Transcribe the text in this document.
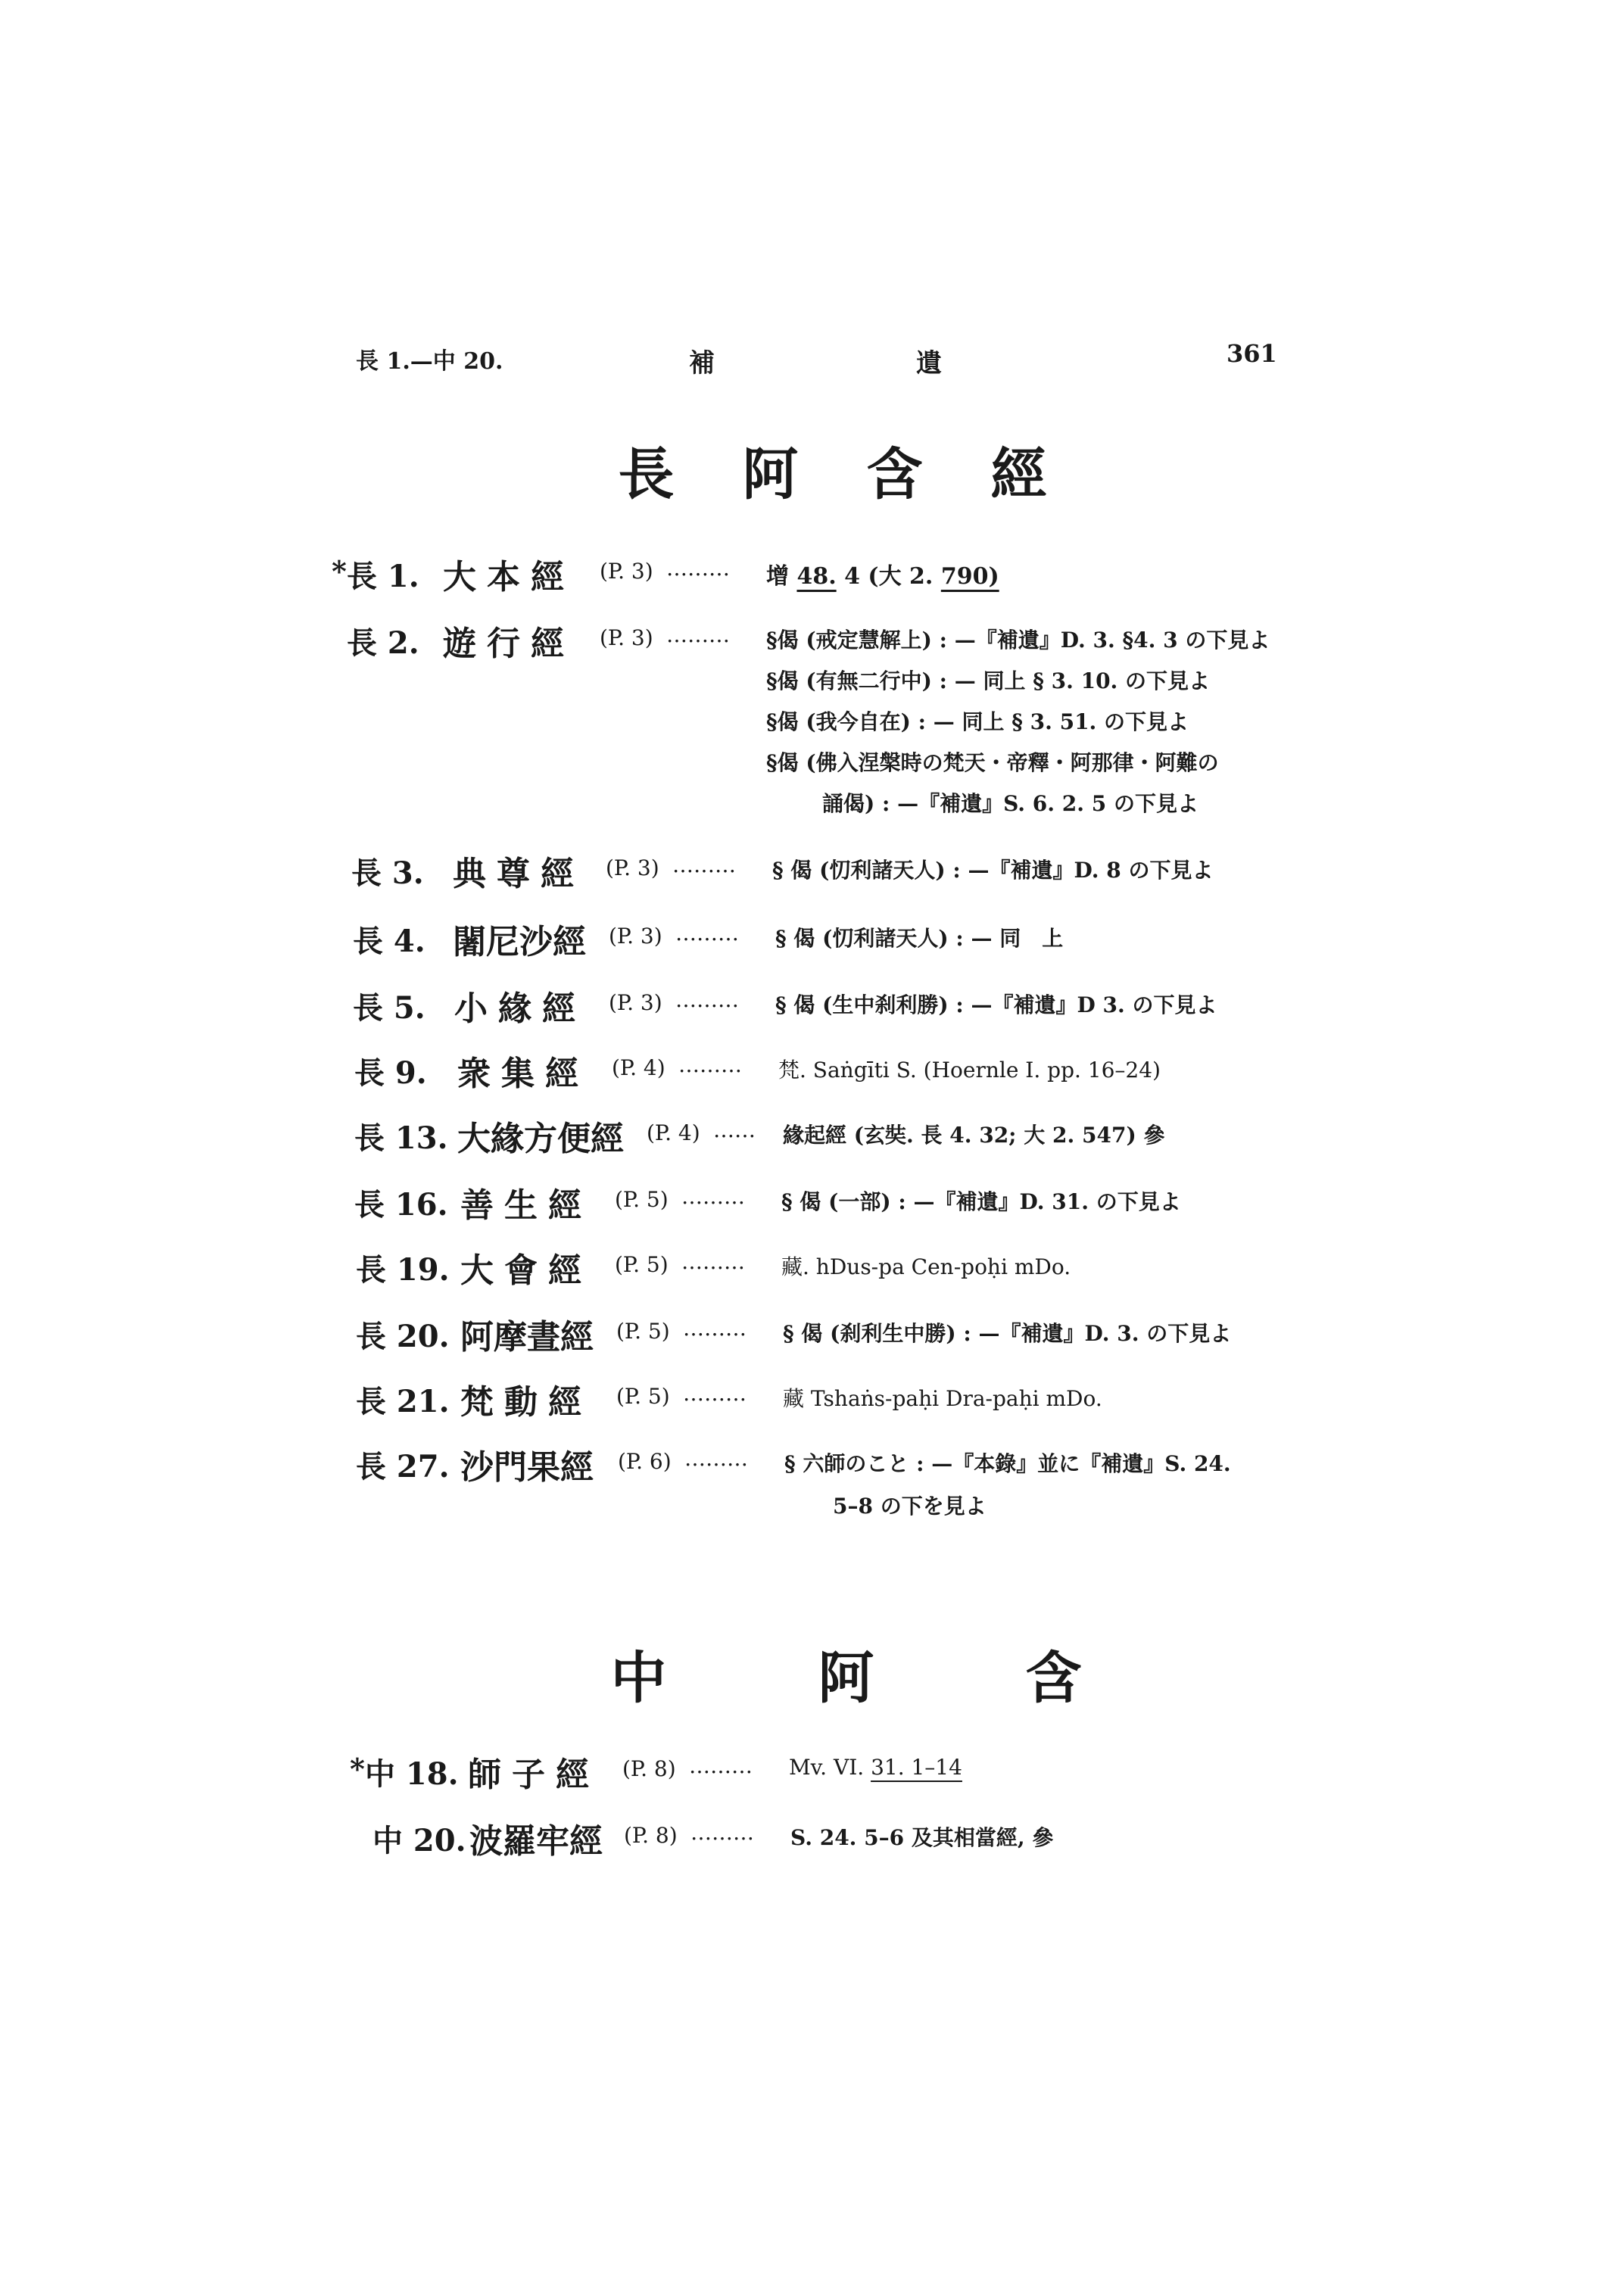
長 1.—中 20.	補	遺	361
長阿含經
* 長 1. 大本經 (P. 3) ……… 增 48. 4 (大 2. 790)
長 2. 遊行經 (P. 3) ……… §偈 (戒定慧解上) : —『補遺』D. 3. §4. 3 の下見よ
§偈 (有無二行中) : — 同上 § 3. 10. の下見よ
§偈 (我今自在) : — 同上 § 3. 51. の下見よ
§偈 (佛入涅槃時の梵天・帝釋・阿那律・阿難の
誦偈) : —『補遺』S. 6. 2. 5 の下見よ
長 3. 典尊經 (P. 3) ……… § 偈 (忉利諸天人) : —『補遺』D. 8 の下見よ
長 4. 闍尼沙經 (P. 3) ……… § 偈 (忉利諸天人) : — 同　上
長 5. 小緣經 (P. 3) ……… § 偈 (生中刹利勝) : —『補遺』D 3. の下見よ
長 9. 衆集經 (P. 4) ……… 梵. Saṅgīti S. (Hoernle I. pp. 16–24)
長 13. 大緣方便經 (P. 4) …… 緣起經 (玄奘. 長 4. 32; 大 2. 547) 參
長 16. 善生經 (P. 5) ……… § 偈 (一部) : —『補遺』D. 31. の下見よ
長 19. 大會經 (P. 5) ……… 藏. hDus-pa Cen-poḥi mDo.
長 20. 阿摩晝經 (P. 5) ……… § 偈 (刹利生中勝) : —『補遺』D. 3. の下見よ
長 21. 梵動經 (P. 5) ……… 藏 Tshaṅs-paḥi Dra-paḥi mDo.
長 27. 沙門果經 (P. 6) ……… § 六師のこと : —『本錄』並に『補遺』S. 24.
5–8 の下を見よ
中阿含
* 中 18. 師子經 (P. 8) ……… Mv. VI. 31. 1–14
中 20. 波羅牢經 (P. 8) ……… S. 24. 5–6 及其相當經, 參
